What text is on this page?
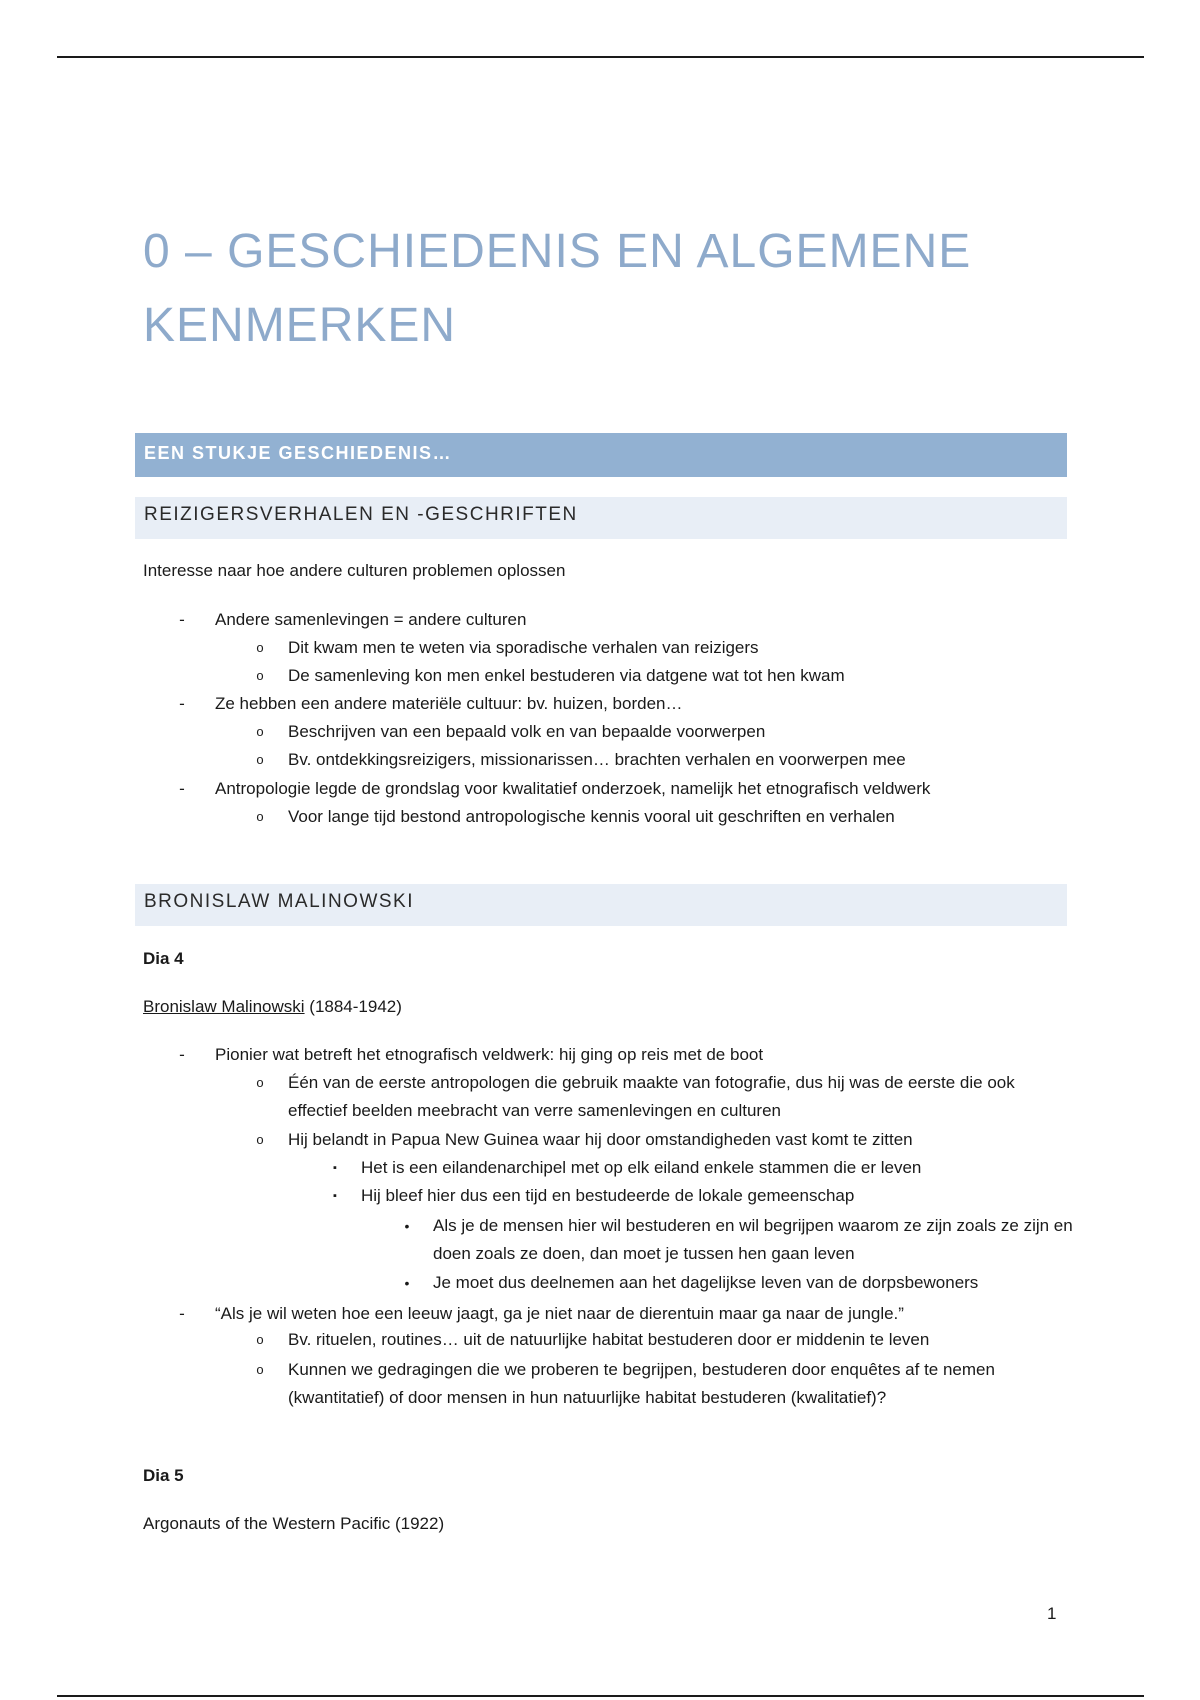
0 – GESCHIEDENIS EN ALGEMENE KENMERKEN
EEN STUKJE GESCHIEDENIS…
REIZIGERSVERHALEN EN -GESCHRIFTEN

Interesse naar hoe andere culturen problemen oplossen

-	Andere samenlevingen = andere culturen
o	Dit kwam men te weten via sporadische verhalen van reizigers
o	De samenleving kon men enkel bestuderen via datgene wat tot hen kwam
-	Ze hebben een andere materiële cultuur: bv. huizen, borden…
o	Beschrijven van een bepaald volk en van bepaalde voorwerpen
o	Bv. ontdekkingsreizigers, missionarissen… brachten verhalen en voorwerpen mee
-	Antropologie legde de grondslag voor kwalitatief onderzoek, namelijk het etnografisch veldwerk
o	Voor lange tijd bestond antropologische kennis vooral uit geschriften en verhalen
BRONISLAW MALINOWSKI

Dia 4

Bronislaw Malinowski (1884-1942)

-	Pionier wat betreft het etnografisch veldwerk: hij ging op reis met de boot
o	Één van de eerste antropologen die gebruik maakte van fotografie, dus hij was de eerste die ook effectief beelden meebracht van verre samenlevingen en culturen
o	Hij belandt in Papua New Guinea waar hij door omstandigheden vast komt te zitten
▪	Het is een eilandenarchipel met op elk eiland enkele stammen die er leven
▪	Hij bleef hier dus een tijd en bestudeerde de lokale gemeenschap
•	Als je de mensen hier wil bestuderen en wil begrijpen waarom ze zijn zoals ze zijn en doen zoals ze doen, dan moet je tussen hen gaan leven
•	Je moet dus deelnemen aan het dagelijkse leven van de dorpsbewoners
-	“Als je wil weten hoe een leeuw jaagt, ga je niet naar de dierentuin maar ga naar de jungle.”
o	Bv. rituelen, routines… uit de natuurlijke habitat bestuderen door er middenin te leven
o	Kunnen we gedragingen die we proberen te begrijpen, bestuderen door enquêtes af te nemen (kwantitatief) of door mensen in hun natuurlijke habitat bestuderen (kwalitatief)?

Dia 5

Argonauts of the Western Pacific (1922)

1
